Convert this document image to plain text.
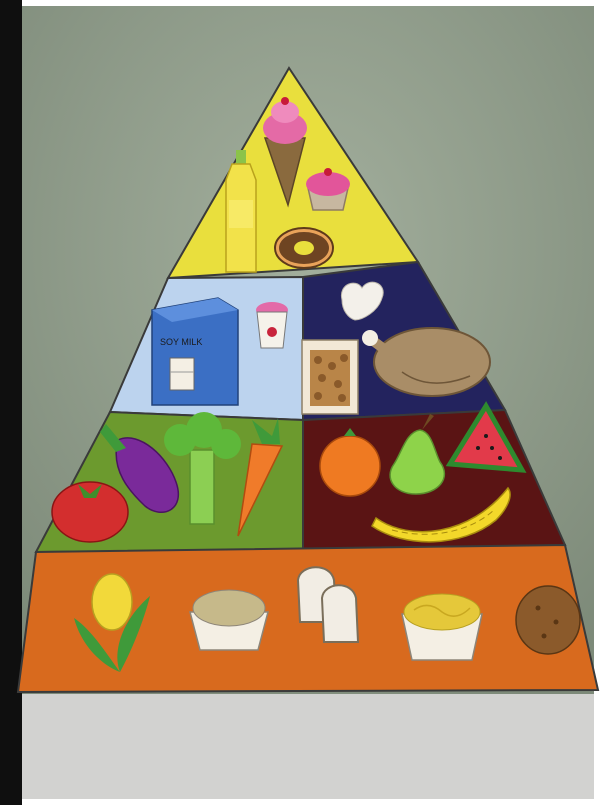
SOY MILK
